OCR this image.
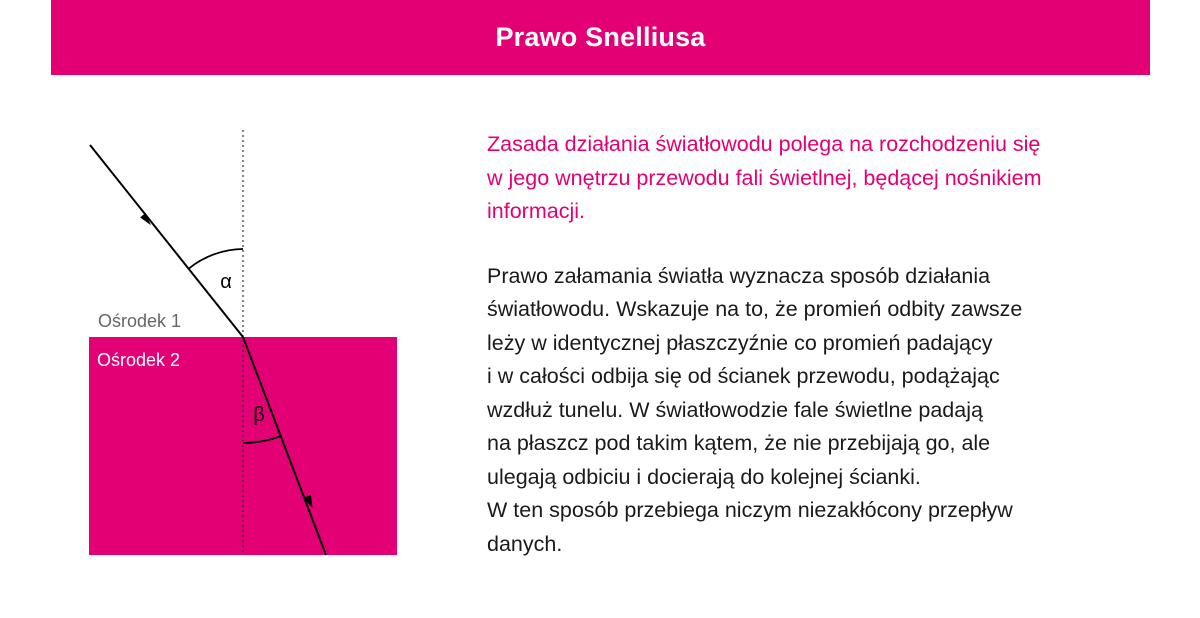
Prawo Snelliusa
α
β
Ośrodek 1
Ośrodek 2

Zasada działania światłowodu polega na rozchodzeniu się
w jego wnętrzu przewodu fali świetlnej, będącej nośnikiem
informacji.

Prawo załamania światła wyznacza sposób działania
światłowodu. Wskazuje na to, że promień odbity zawsze
leży w identycznej płaszczyźnie co promień padający
i w całości odbija się od ścianek przewodu, podążając
wzdłuż tunelu. W światłowodzie fale świetlne padają
na płaszcz pod takim kątem, że nie przebijają go, ale
ulegają odbiciu i docierają do kolejnej ścianki.
W ten sposób przebiega niczym niezakłócony przepływ
danych.
